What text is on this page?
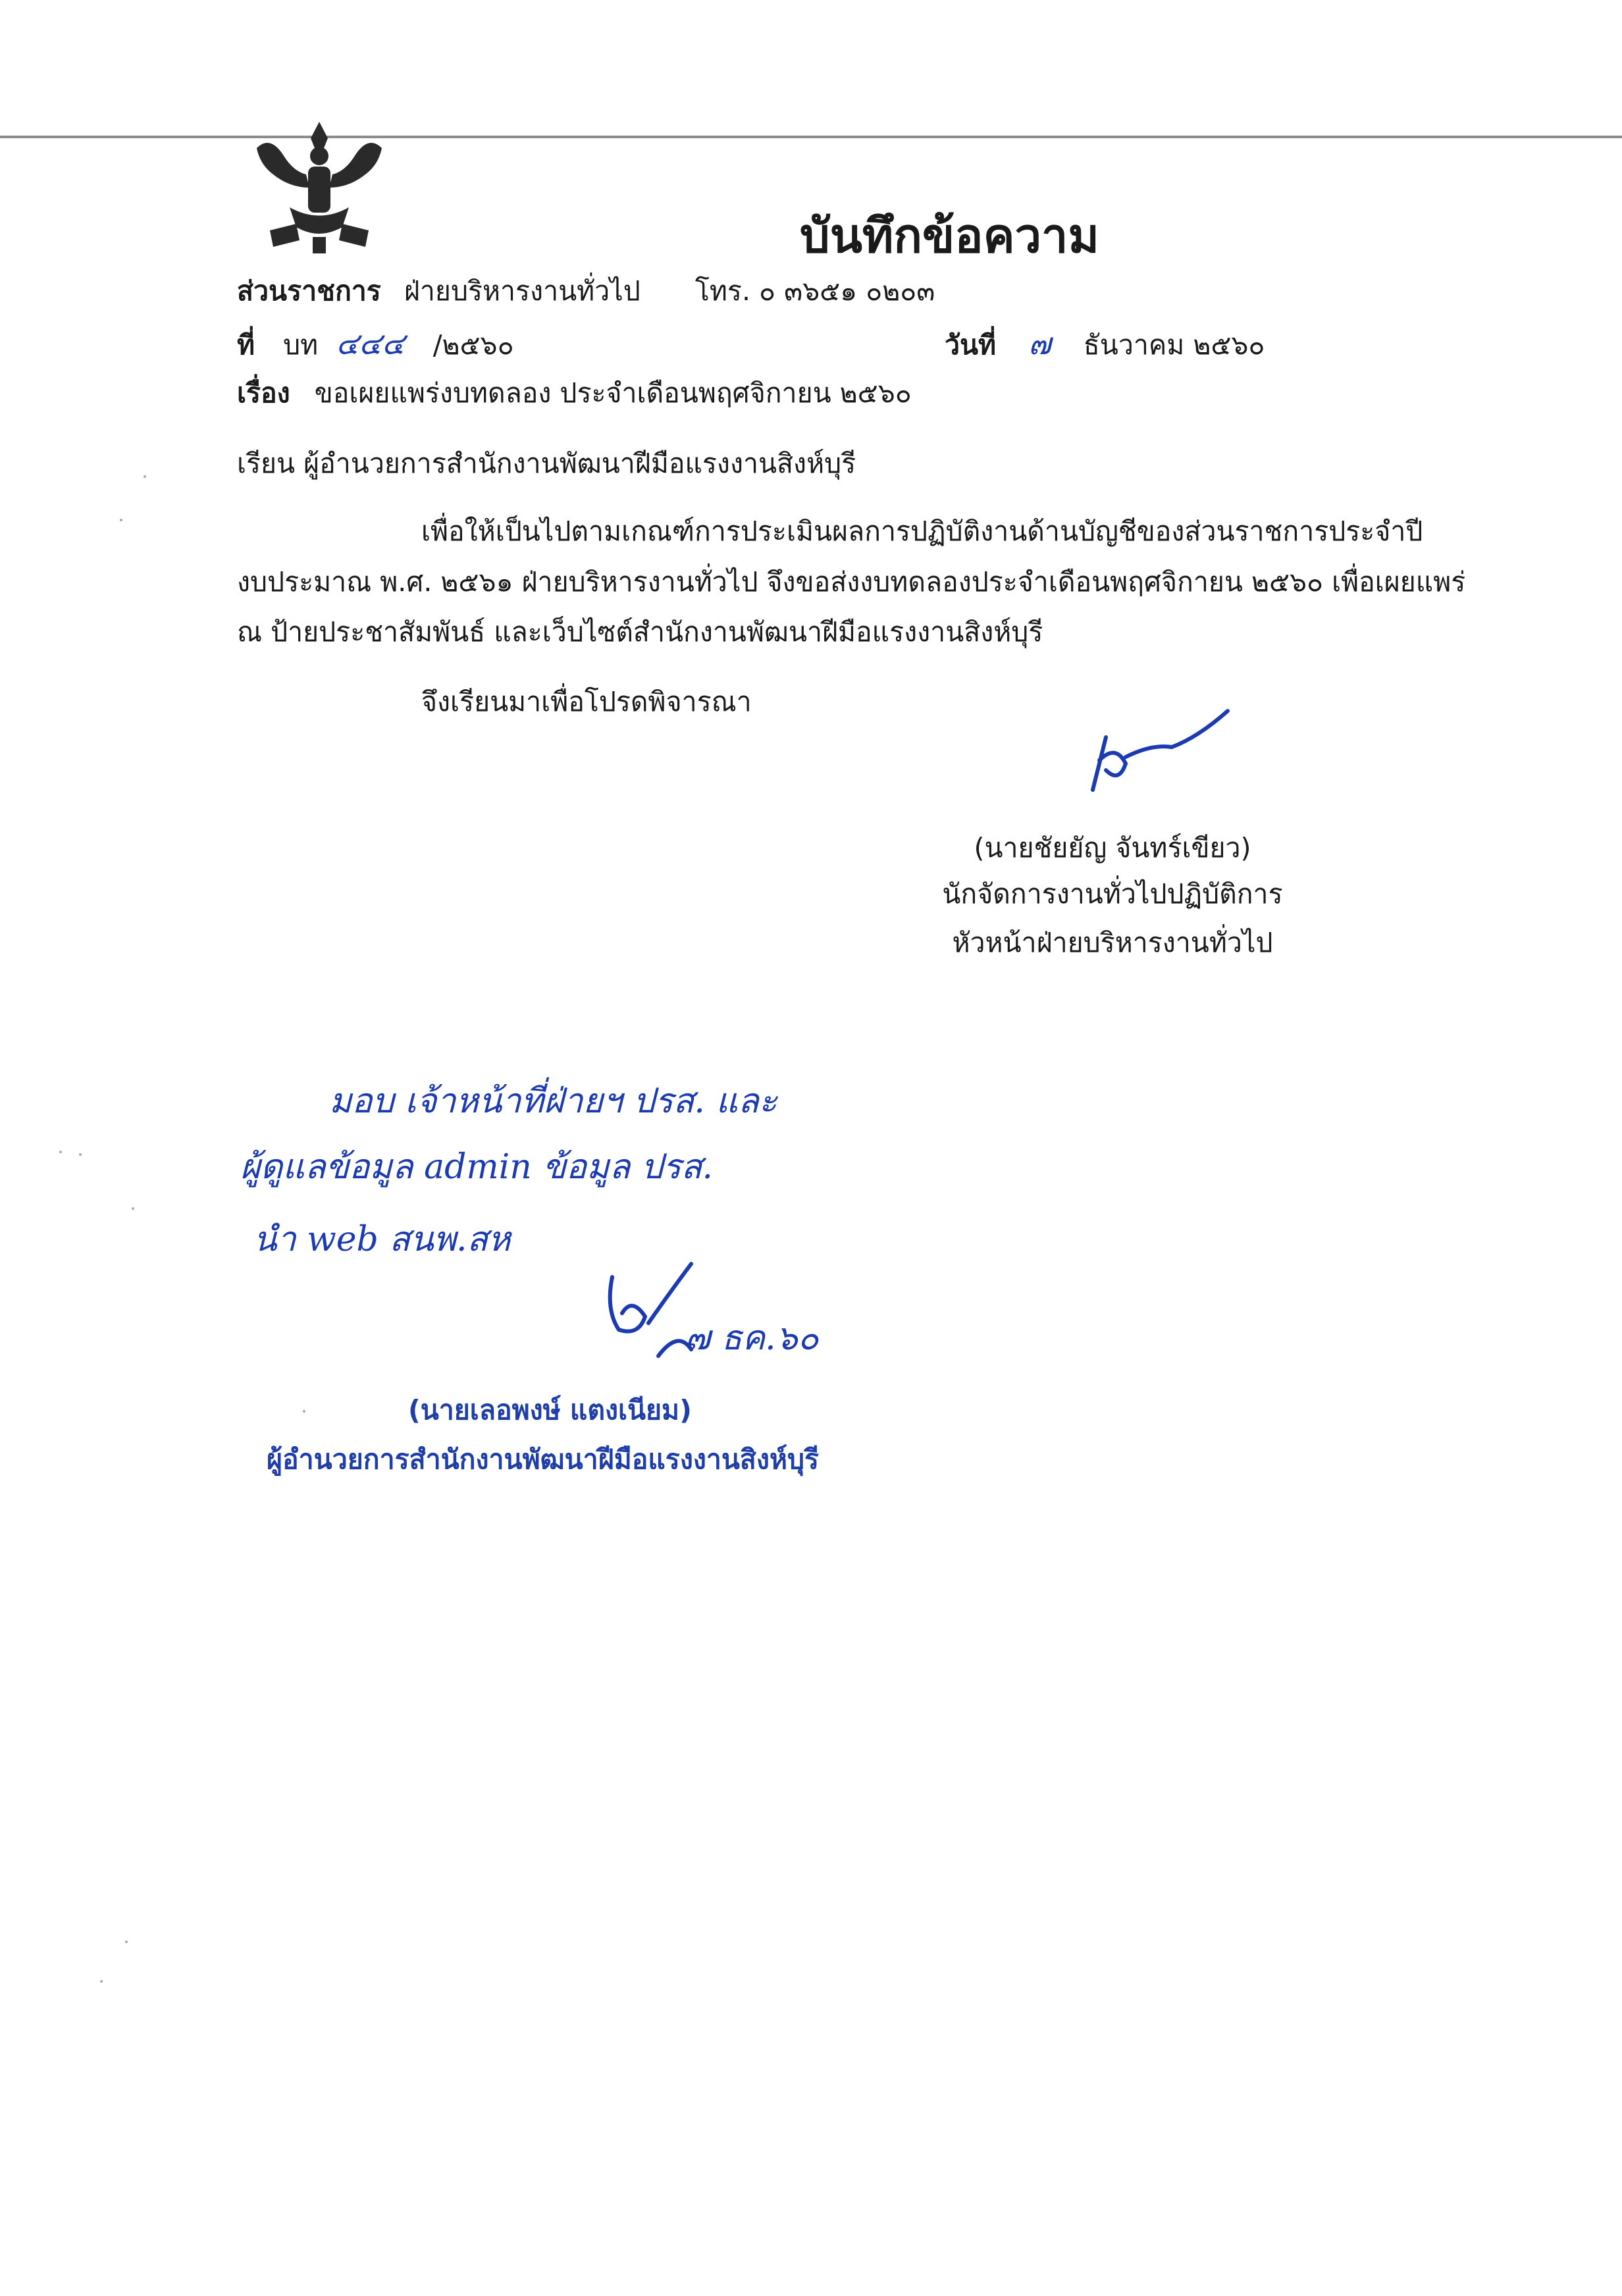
บันทึกข้อความ
ส่วนราชการ ฝ่ายบริหารงานทั่วไป โทร. ๐ ๓๖๕๑ ๐๒๐๓
ที่ บท ๔๔๔ /๒๕๖๐	วันที่ ๗ ธันวาคม ๒๕๖๐
เรื่อง ขอเผยแพร่งบทดลอง ประจำเดือนพฤศจิกายน ๒๕๖๐
เรียน ผู้อำนวยการสำนักงานพัฒนาฝีมือแรงงานสิงห์บุรี
เพื่อให้เป็นไปตามเกณฑ์การประเมินผลการปฏิบัติงานด้านบัญชีของส่วนราชการประจำปี
งบประมาณ พ.ศ. ๒๕๖๑ ฝ่ายบริหารงานทั่วไป จึงขอส่งงบทดลองประจำเดือนพฤศจิกายน ๒๕๖๐ เพื่อเผยแพร่
ณ ป้ายประชาสัมพันธ์ และเว็บไซต์สำนักงานพัฒนาฝีมือแรงงานสิงห์บุรี
จึงเรียนมาเพื่อโปรดพิจารณา
(นายชัยยัญ จันทร์เขียว)
นักจัดการงานทั่วไปปฏิบัติการ
หัวหน้าฝ่ายบริหารงานทั่วไป
มอบ เจ้าหน้าที่ฝ่ายฯ ปรส. และ
ผู้ดูแลข้อมูล admin ข้อมูล ปรส.
นำ web สนพ.สห
๗ ธค.๖๐
(นายเลอพงษ์ แตงเนียม)
ผู้อำนวยการสำนักงานพัฒนาฝีมือแรงงานสิงห์บุรี
